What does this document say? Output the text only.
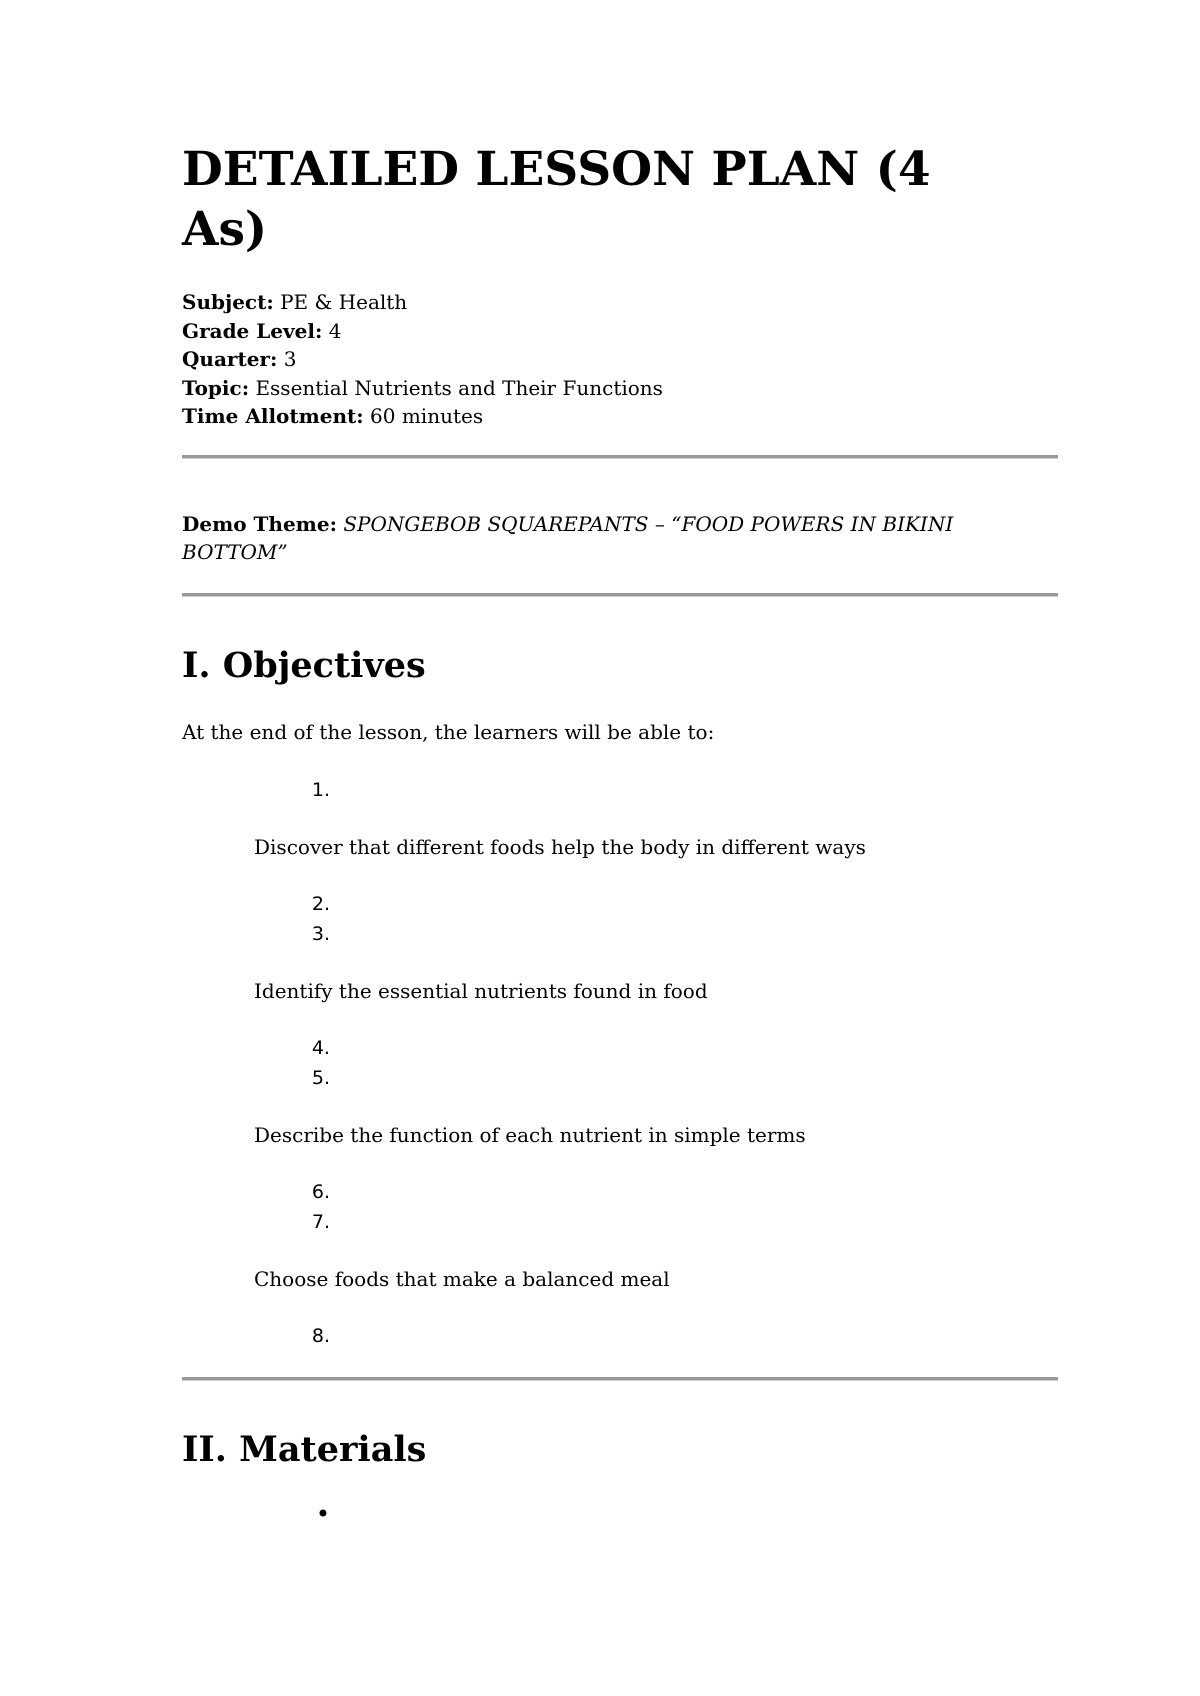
DETAILED LESSON PLAN (4 As)
Subject: PE & Health
Grade Level: 4
Quarter: 3
Topic: Essential Nutrients and Their Functions
Time Allotment: 60 minutes
Demo Theme: SPONGEBOB SQUAREPANTS – “FOOD POWERS IN BIKINI BOTTOM”
I. Objectives
At the end of the lesson, the learners will be able to:
1.
Discover that different foods help the body in different ways
2.
3.
Identify the essential nutrients found in food
4.
5.
Describe the function of each nutrient in simple terms
6.
7.
Choose foods that make a balanced meal
8.
II. Materials
•
